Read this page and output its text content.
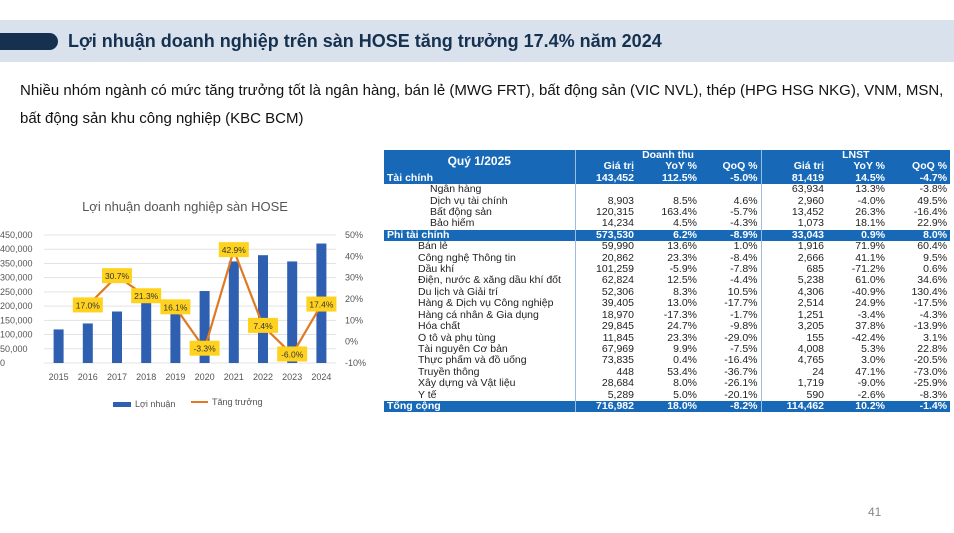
Lợi nhuận doanh nghiệp trên sàn HOSE tăng trưởng 17.4% năm 2024
Nhiều nhóm ngành có mức tăng trưởng tốt là ngân hàng, bán lẻ (MWG FRT), bất động sản (VIC NVL), thép (HPG HSG NKG), VNM, MSN, bất động sản khu công nghiệp (KBC BCM)
Lợi nhuận doanh nghiệp sàn HOSE
0
50,000
100,000
150,000
200,000
250,000
300,000
350,000
400,000
450,000
-10%
0%
10%
20%
30%
40%
50%
2015 2016 2017 2018 2019 2020 2021 2022 2023 2024
17.0%
30.7%
21.3%
16.1%
-3.3%
42.9%
7.4%
-6.0%
17.4%
Lợi nhuận	Tăng trưởng
Quý 1/2025	Doanh thu			LNST		
	Giá trị	YoY %	QoQ %	Giá trị	YoY %	QoQ %
Tài chính	143,452	112.5%	-5.0%	81,419	14.5%	-4.7%
Ngân hàng				63,934	13.3%	-3.8%
Dịch vụ tài chính	8,903	8.5%	4.6%	2,960	-4.0%	49.5%
Bất động sản	120,315	163.4%	-5.7%	13,452	26.3%	-16.4%
Bảo hiểm	14,234	4.5%	-4.3%	1,073	18.1%	22.9%
Phi tài chính	573,530	6.2%	-8.9%	33,043	0.9%	8.0%
Bán lẻ	59,990	13.6%	1.0%	1,916	71.9%	60.4%
Công nghệ Thông tin	20,862	23.3%	-8.4%	2,666	41.1%	9.5%
Dầu khí	101,259	-5.9%	-7.8%	685	-71.2%	0.6%
Điện, nước & xăng dầu khí đốt	62,824	12.5%	-4.4%	5,238	61.0%	34.6%
Du lịch và Giải trí	52,306	8.3%	10.5%	4,306	-40.9%	130.4%
Hàng & Dịch vụ Công nghiệp	39,405	13.0%	-17.7%	2,514	24.9%	-17.5%
Hàng cá nhân & Gia dụng	18,970	-17.3%	-1.7%	1,251	-3.4%	-4.3%
Hóa chất	29,845	24.7%	-9.8%	3,205	37.8%	-13.9%
Ô tô và phụ tùng	11,845	23.3%	-29.0%	155	-42.4%	3.1%
Tài nguyên Cơ bản	67,969	9.9%	-7.5%	4,008	5.3%	22.8%
Thực phẩm và đồ uống	73,835	0.4%	-16.4%	4,765	3.0%	-20.5%
Truyền thông	448	53.4%	-36.7%	24	47.1%	-73.0%
Xây dựng và Vật liệu	28,684	8.0%	-26.1%	1,719	-9.0%	-25.9%
Y tế	5,289	5.0%	-20.1%	590	-2.6%	-8.3%
Tổng cộng	716,982	18.0%	-8.2%	114,462	10.2%	-1.4%
41
